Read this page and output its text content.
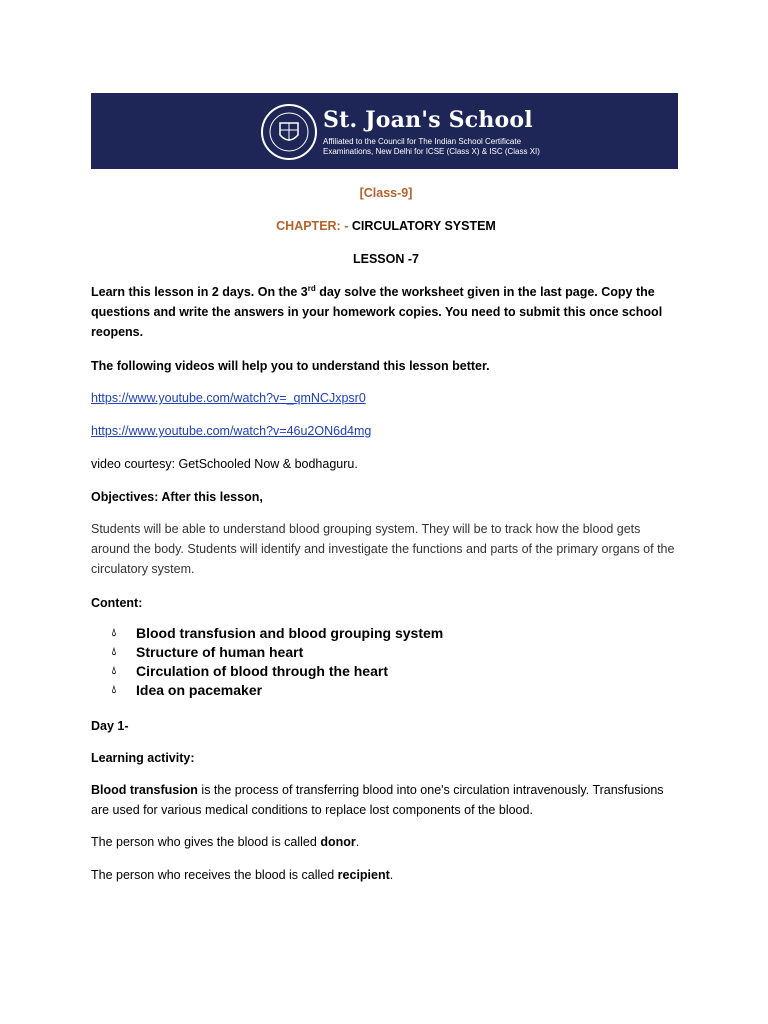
St. Joan's School
Affiliated to the Council for The Indian School Certificate Examinations, New Delhi for ICSE (Class X) & ISC (Class XI)
[Class-9]
CHAPTER: - CIRCULATORY SYSTEM
LESSON -7
Learn this lesson in 2 days. On the 3rd day solve the worksheet given in the last page. Copy the questions and write the answers in your homework copies. You need to submit this once school reopens.
The following videos will help you to understand this lesson better.
https://www.youtube.com/watch?v=_qmNCJxpsr0
https://www.youtube.com/watch?v=46u2ON6d4mg
video courtesy: GetSchooled Now & bodhaguru.
Objectives: After this lesson,
Students will be able to understand blood grouping system. They will be to track how the blood gets around the body. Students will identify and investigate the functions and parts of the primary organs of the circulatory system.
Content:
💧︎ Blood transfusion and blood grouping system
💧︎ Structure of human heart
💧︎ Circulation of blood through the heart
💧︎ Idea on pacemaker
Day 1-
Learning activity:
Blood transfusion is the process of transferring blood into one's circulation intravenously. Transfusions are used for various medical conditions to replace lost components of the blood.
The person who gives the blood is called donor.
The person who receives the blood is called recipient.
